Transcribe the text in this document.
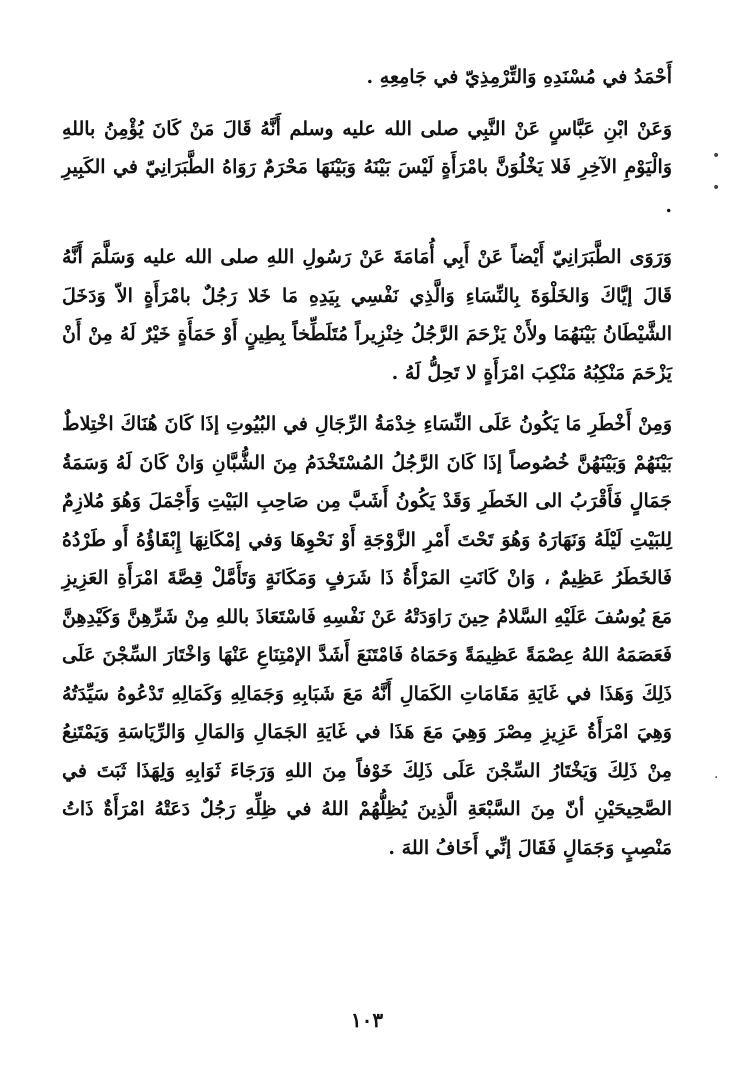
أَحْمَدُ في مُسْنَدِهِ وَالتِّرْمِذِيّ في جَامِعِهِ .

وَعَنْ ابْنِ عَبَّاسٍ عَنْ النَّبِي صلى الله عليه وسلم أَنَّهُ قَالَ مَنْ كَانَ يُؤْمِنُ باللهِ وَالْيَوْمِ الآخِرِ فَلا يَخْلُوَنَّ بامْرَأَةٍ لَيْسَ بَيْنَهُ وَبَيْنَهَا مَحْرَمٌ رَوَاهُ الطَّبَرَانِيّ في الكَبِيرِ .

وَرَوَى الطَّبَرَانِيّ أَيْضاً عَنْ أَبِي أُمَامَةَ عَنْ رَسُولِ اللهِ صلى الله عليه وَسَلَّمَ أَنَّهُ قَالَ إيَّاكَ وَالخَلْوَةَ بِالنِّسَاءِ وَالَّذِي نَفْسِي بِيَدِهِ مَا خَلا رَجُلٌ بامْرَأَةٍ الاّ وَدَخَلَ الشَّيْطَانُ بَيْنَهُمَا ولأَنْ يَزْحَمَ الرَّجُلُ خِنْزِيراً مُتَلَطِّخاً بِطِينٍ أَوْ حَمَأَةٍ خَيْرٌ لَهُ مِنْ أَنْ يَزْحَمَ مَنْكِبُهُ مَنْكِبَ امْرَأَةٍ لا تَحِلُّ لَهُ .

وَمِنْ أَخْطَرِ مَا يَكُونُ عَلَى النِّسَاءِ خِدْمَةُ الرِّجَالِ في البُيُوتِ إذَا كَانَ هُنَاكَ اخْتِلاطٌ بَيْنَهُمْ وَبَيْنَهُنَّ خُصُوصاً إذَا كَانَ الرَّجُلُ المُسْتَخْدَمُ مِنَ الشُّبَّانِ وَانْ كَانَ لَهُ وَسَمَةُ جَمَالٍ فَأَقْرَبُ الى الخَطَرِ وَقَدْ يَكُونُ أَشَبَّ مِن صَاحِبِ البَيْتِ وَأَجْمَلَ وَهُوَ مُلازِمٌ لِلبَيْتِ لَيْلَهُ وَنَهَارَهُ وَهُوَ تَحْتَ أَمْرِ الزَّوْجَةِ أَوْ نَحْوِهَا وَفي إمْكَانِهَا إِبْقَاؤُهُ أَو طَرْدُهُ فَالخَطَرُ عَظِيمٌ ، وَانْ كَانَتِ المَرْأَةُ ذَا شَرَفٍ وَمَكَانَةٍ وَتَأَمَّلْ قِصَّةَ امْرَأَةِ العَزِيزِ مَعَ يُوسُفَ عَلَيْهِ السَّلامُ حِينَ رَاوَدَتْهُ عَنْ نَفْسِهِ فَاسْتَعَاذَ باللهِ مِنْ شَرِّهِنَّ وَكَيْدِهِنَّ فَعَصَمَهُ اللهُ عِصْمَةً عَظِيمَةً وَحَمَاهُ فَامْتَنَعَ أَشَدَّ الإمْتِنَاعِ عَنْهَا وَاخْتَارَ السِّجْنَ عَلَى ذَلِكَ وَهَذَا في غَايَةِ مَقَامَاتِ الكَمَالِ أَنَّهُ مَعَ شَبَابِهِ وَجَمَالِهِ وَكَمَالِهِ تَدْعُوهُ سَيِّدَتُهُ وَهِيَ امْرَأَةُ عَزِيزِ مِصْرَ وَهِيَ مَعَ هَذَا في غَايَةِ الجَمَالِ وَالمَالِ وَالرِّيَاسَةِ وَيَمْتَنِعُ مِنْ ذَلِكَ وَيَخْتَارُ السِّجْنَ عَلَى ذَلِكَ خَوْفاً مِنَ اللهِ وَرَجَاءَ ثَوَابِهِ وَلِهَذَا ثَبَتَ في الصَّحِيحَيْنِ أنّ مِنَ السَّبْعَةِ الَّذِينَ يُظِلُّهُمْ اللهُ في ظِلِّهِ رَجُلٌ دَعَتْهُ امْرَأَةٌ ذَاتُ مَنْصِبٍ وَجَمَالٍ فَقَالَ إنِّي أَخَافُ اللهَ .

•
•
·
١٠٣
